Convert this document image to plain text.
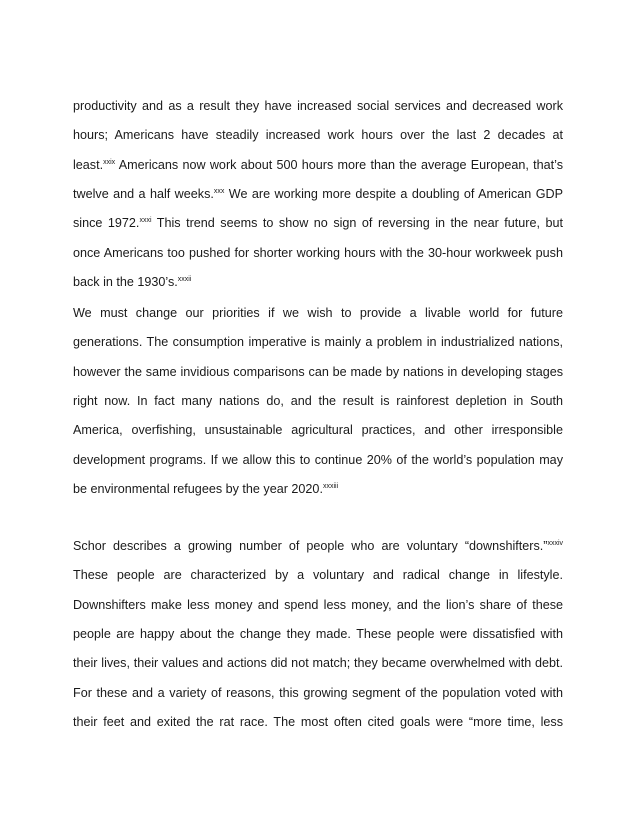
productivity and as a result they have increased social services and decreased work
hours; Americans have steadily increased work hours over the last 2 decades at
least.$^{xxix}$ Americans now work about 500 hours more than the average European, that’s
twelve and a half weeks.$^{xxx}$ We are working more despite a doubling of American GDP
since 1972.$^{xxxi}$ This trend seems to show no sign of reversing in the near future, but
once Americans too pushed for shorter working hours with the 30-hour workweek push
back in the 1930’s.$^{xxxii}$
We must change our priorities if we wish to provide a livable world for future
generations. The consumption imperative is mainly a problem in industrialized nations,
however the same invidious comparisons can be made by nations in developing stages
right now. In fact many nations do, and the result is rainforest depletion in South
America, overfishing, unsustainable agricultural practices, and other irresponsible
development programs. If we allow this to continue 20% of the world’s population may
be environmental refugees by the year 2020.$^{xxxiii}$
Schor describes a growing number of people who are voluntary “downshifters.”$^{xxxiv}$
These people are characterized by a voluntary and radical change in lifestyle.
Downshifters make less money and spend less money, and the lion’s share of these
people are happy about the change they made. These people were dissatisfied with
their lives, their values and actions did not match; they became overwhelmed with debt.
For these and a variety of reasons, this growing segment of the population voted with
their feet and exited the rat race. The most often cited goals were “more time, less
